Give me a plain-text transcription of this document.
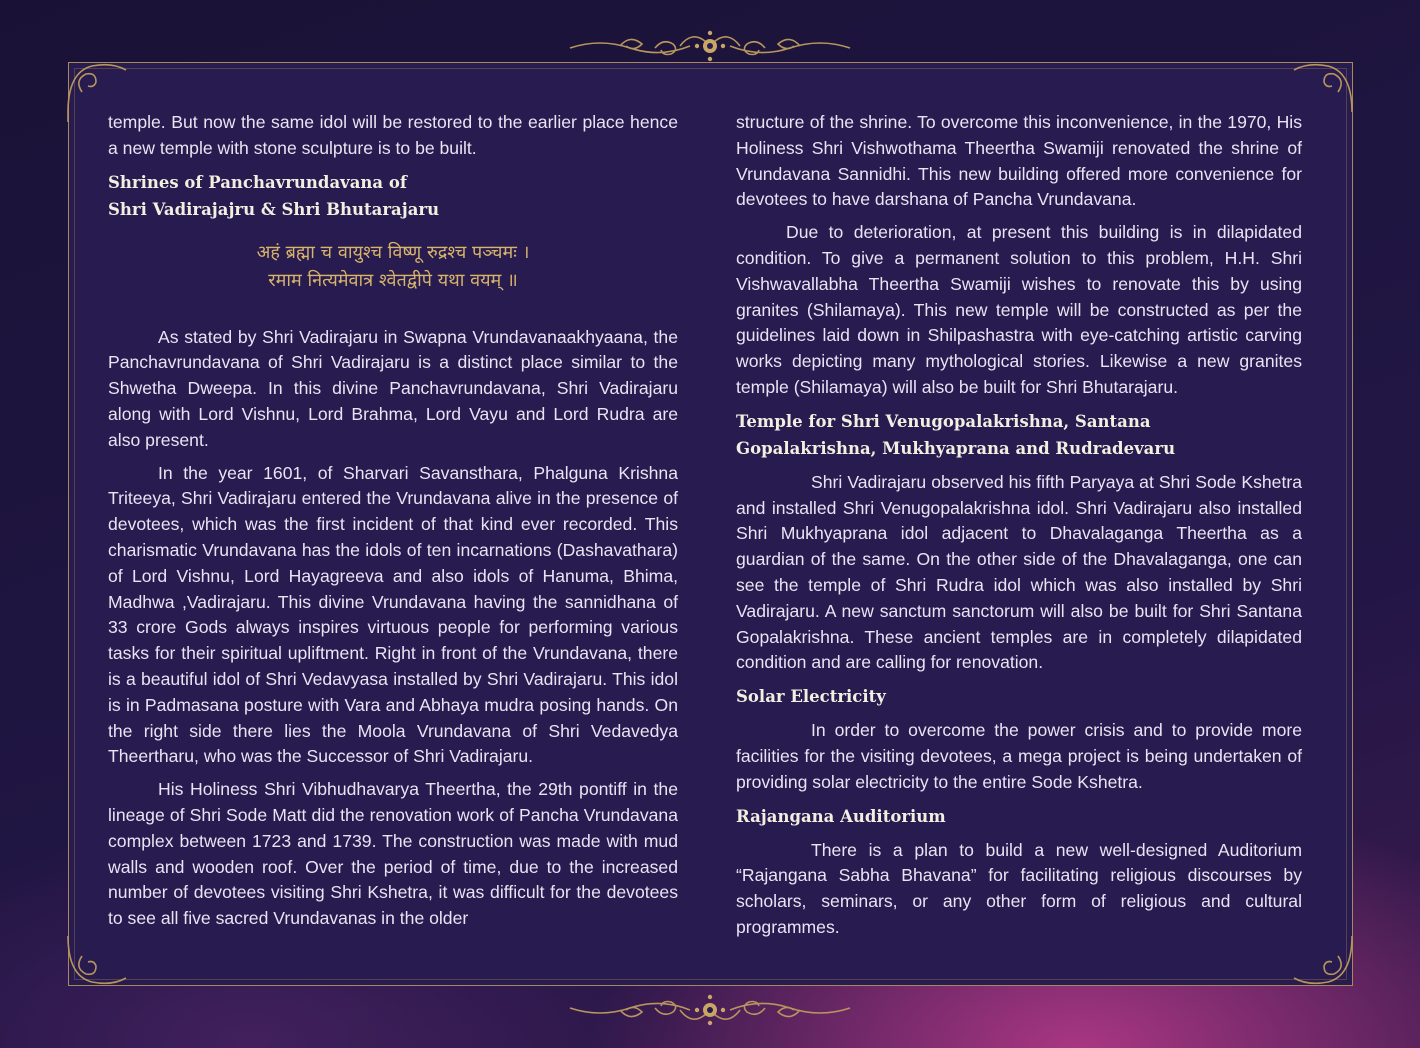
temple. But now the same idol will be restored to the earlier place hence a new temple with stone sculpture is to be built.

Shrines of Panchavrundavana of
Shri Vadirajajru & Shri Bhutarajaru
अहं ब्रह्मा च वायुश्च विष्णू रुद्रश्च पञ्चमः ।
रमाम नित्यमेवात्र श्वेतद्वीपे यथा वयम् ॥

As stated by Shri Vadirajaru in Swapna Vrundavanaakhyaana, the Panchavrundavana of Shri Vadirajaru is a distinct place similar to the Shwetha Dweepa. In this divine Panchavrundavana, Shri Vadirajaru along with Lord Vishnu, Lord Brahma, Lord Vayu and Lord Rudra are also present.

In the year 1601, of Sharvari Savansthara, Phalguna Krishna Triteeya, Shri Vadirajaru entered the Vrundavana alive in the presence of devotees, which was the first incident of that kind ever recorded. This charismatic Vrundavana has the idols of ten incarnations (Dashavathara) of Lord Vishnu, Lord Hayagreeva and also idols of Hanuma, Bhima, Madhwa ,Vadirajaru. This divine Vrundavana having the sannidhana of 33 crore Gods always inspires virtuous people for performing various tasks for their spiritual upliftment. Right in front of the Vrundavana, there is a beautiful idol of Shri Vedavyasa installed by Shri Vadirajaru. This idol is in Padmasana posture with Vara and Abhaya mudra posing hands. On the right side there lies the Moola Vrundavana of Shri Vedavedya Theertharu, who was the Successor of Shri Vadirajaru.

His Holiness Shri Vibhudhavarya Theertha, the 29th pontiff in the lineage of Shri Sode Matt did the renovation work of Pancha Vrundavana complex between 1723 and 1739. The construction was made with mud walls and wooden roof. Over the period of time, due to the increased number of devotees visiting Shri Kshetra, it was difficult for the devotees to see all five sacred Vrundavanas in the older

structure of the shrine. To overcome this inconvenience, in the 1970, His Holiness Shri Vishwothama Theertha Swamiji renovated the shrine of Vrundavana Sannidhi. This new building offered more convenience for devotees to have darshana of Pancha Vrundavana.

Due to deterioration, at present this building is in dilapidated condition. To give a permanent solution to this problem, H.H. Shri Vishwavallabha Theertha Swamiji wishes to renovate this by using granites (Shilamaya). This new temple will be constructed as per the guidelines laid down in Shilpashastra with eye-catching artistic carving works depicting many mythological stories. Likewise a new granites temple (Shilamaya) will also be built for Shri Bhutarajaru.

Temple for Shri Venugopalakrishna, Santana
Gopalakrishna, Mukhyaprana and Rudradevaru

Shri Vadirajaru observed his fifth Paryaya at Shri Sode Kshetra and installed Shri Venugopalakrishna idol. Shri Vadirajaru also installed Shri Mukhyaprana idol adjacent to Dhavalaganga Theertha as a guardian of the same. On the other side of the Dhavalaganga, one can see the temple of Shri Rudra idol which was also installed by Shri Vadirajaru. A new sanctum sanctorum will also be built for Shri Santana Gopalakrishna. These ancient temples are in completely dilapidated condition and are calling for renovation.

Solar Electricity

In order to overcome the power crisis and to provide more facilities for the visiting devotees, a mega project is being undertaken of providing solar electricity to the entire Sode Kshetra.

Rajangana Auditorium

There is a plan to build a new well-designed Auditorium “Rajangana Sabha Bhavana” for facilitating religious discourses by scholars, seminars, or any other form of religious and cultural programmes.
